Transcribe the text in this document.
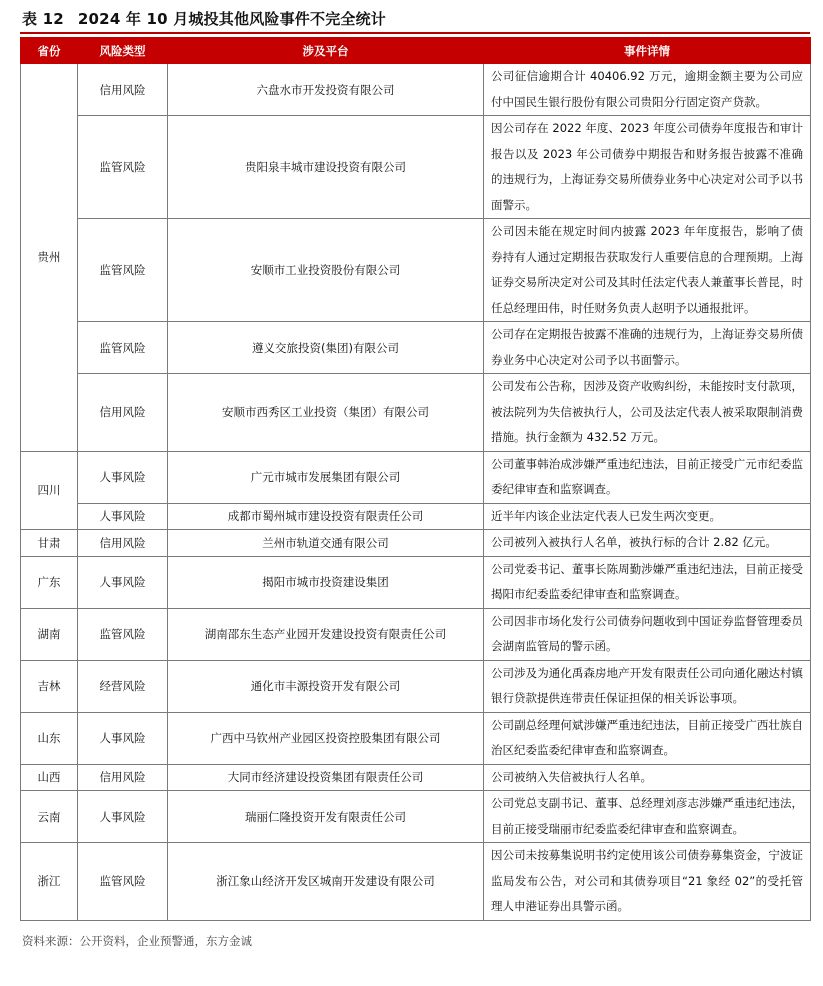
表 12 2024 年 10 月城投其他风险事件不完全统计
省份	风险类型	涉及平台	事件详情
贵州	信用风险	六盘水市开发投资有限公司	公司征信逾期合计 40406.92 万元，逾期金额主要为公司应付中国民生银行股份有限公司贵阳分行固定资产贷款。
	监管风险	贵阳泉丰城市建设投资有限公司	因公司存在 2022 年度、2023 年度公司债券年度报告和审计报告以及 2023 年公司债券中期报告和财务报告披露不准确的违规行为，上海证券交易所债券业务中心决定对公司予以书面警示。
	监管风险	安顺市工业投资股份有限公司	公司因未能在规定时间内披露 2023 年年度报告，影响了债券持有人通过定期报告获取发行人重要信息的合理预期。上海证券交易所决定对公司及其时任法定代表人兼董事长普昆，时任总经理田伟，时任财务负责人赵明予以通报批评。
	监管风险	遵义交旅投资(集团)有限公司	公司存在定期报告披露不准确的违规行为，上海证券交易所债券业务中心决定对公司予以书面警示。
	信用风险	安顺市西秀区工业投资（集团）有限公司	公司发布公告称，因涉及资产收购纠纷，未能按时支付款项，被法院列为失信被执行人，公司及法定代表人被采取限制消费措施。执行金额为 432.52 万元。
四川	人事风险	广元市城市发展集团有限公司	公司董事韩治成涉嫌严重违纪违法，目前正接受广元市纪委监委纪律审查和监察调查。
	人事风险	成都市蜀州城市建设投资有限责任公司	近半年内该企业法定代表人已发生两次变更。
甘肃	信用风险	兰州市轨道交通有限公司	公司被列入被执行人名单，被执行标的合计 2.82 亿元。
广东	人事风险	揭阳市城市投资建设集团	公司党委书记、董事长陈周勤涉嫌严重违纪违法，目前正接受揭阳市纪委监委纪律审查和监察调查。
湖南	监管风险	湖南邵东生态产业园开发建设投资有限责任公司	公司因非市场化发行公司债券问题收到中国证券监督管理委员会湖南监管局的警示函。
吉林	经营风险	通化市丰源投资开发有限公司	公司涉及为通化禹森房地产开发有限责任公司向通化融达村镇银行贷款提供连带责任保证担保的相关诉讼事项。
山东	人事风险	广西中马钦州产业园区投资控股集团有限公司	公司副总经理何斌涉嫌严重违纪违法，目前正接受广西壮族自治区纪委监委纪律审查和监察调查。
山西	信用风险	大同市经济建设投资集团有限责任公司	公司被纳入失信被执行人名单。
云南	人事风险	瑞丽仁隆投资开发有限责任公司	公司党总支副书记、董事、总经理刘彦志涉嫌严重违纪违法，目前正接受瑞丽市纪委监委纪律审查和监察调查。
浙江	监管风险	浙江象山经济开发区城南开发建设有限公司	因公司未按募集说明书约定使用该公司债券募集资金，宁波证监局发布公告，对公司和其债券项目“21 象经 02”的受托管理人申港证券出具警示函。
资料来源：公开资料，企业预警通，东方金诚
